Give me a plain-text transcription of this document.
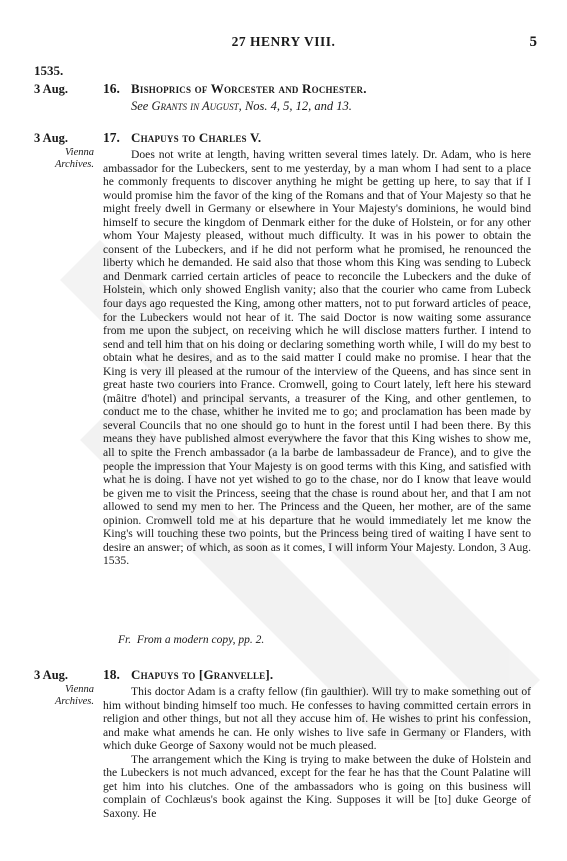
27 HENRY VIII.	5
1535.
3 Aug.	16. Bishoprics of Worcester and Rochester.
See Grants in August, Nos. 4, 5, 12, and 13.
3 Aug.
Vienna Archives.
17. Chapuys to Charles V.

Does not write at length, having written several times lately. Dr. Adam, who is here ambassador for the Lubeckers, sent to me yesterday, by a man whom I had sent to a place he commonly frequents to discover anything he might be getting up here, to say that if I would promise him the favor of the king of the Romans and that of Your Majesty so that he might freely dwell in Germany or elsewhere in Your Majesty's dominions, he would bind himself to secure the kingdom of Denmark either for the duke of Holstein, or for any other whom Your Majesty pleased, without much difficulty. It was in his power to obtain the consent of the Lubeckers, and if he did not perform what he promised, he renounced the liberty which he demanded. He said also that those whom this King was sending to Lubeck and Denmark carried certain articles of peace to reconcile the Lubeckers and the duke of Holstein, which only showed English vanity; also that the courier who came from Lubeck four days ago requested the King, among other matters, not to put forward articles of peace, for the Lubeckers would not hear of it. The said Doctor is now waiting some assurance from me upon the subject, on receiving which he will disclose matters further. I intend to send and tell him that on his doing or declaring something worth while, I will do my best to obtain what he desires, and as to the said matter I could make no promise. I hear that the King is very ill pleased at the rumour of the interview of the Queens, and has since sent in great haste two couriers into France. Cromwell, going to Court lately, left here his steward (mâitre d'hotel) and principal servants, a treasurer of the King, and other gentlemen, to conduct me to the chase, whither he invited me to go; and proclamation has been made by several Councils that no one should go to hunt in the forest until I had been there. By this means they have published almost everywhere the favor that this King wishes to show me, all to spite the French ambassador (a la barbe de lambassadeur de France), and to give the people the impression that Your Majesty is on good terms with this King, and satisfied with what he is doing. I have not yet wished to go to the chase, nor do I know that leave would be given me to visit the Princess, seeing that the chase is round about her, and that I am not allowed to send my men to her. The Princess and the Queen, her mother, are of the same opinion. Cromwell told me at his departure that he would immediately let me know the King's will touching these two points, but the Princess being tired of waiting I have sent to desire an answer; of which, as soon as it comes, I will inform Your Majesty. London, 3 Aug. 1535.

Fr. From a modern copy, pp. 2.
3 Aug.
Vienna Archives.
18. Chapuys to [Granvelle].

This doctor Adam is a crafty fellow (fin gaulthier). Will try to make something out of him without binding himself too much. He confesses to having committed certain errors in religion and other things, but not all they accuse him of. He wishes to print his confession, and make what amends he can. He only wishes to live safe in Germany or Flanders, with which duke George of Saxony would not be much pleased.

The arrangement which the King is trying to make between the duke of Holstein and the Lubeckers is not much advanced, except for the fear he has that the Count Palatine will get him into his clutches. One of the ambassadors who is going on this business will complain of Cochlæus's book against the King. Supposes it will be [to] duke George of Saxony. He
